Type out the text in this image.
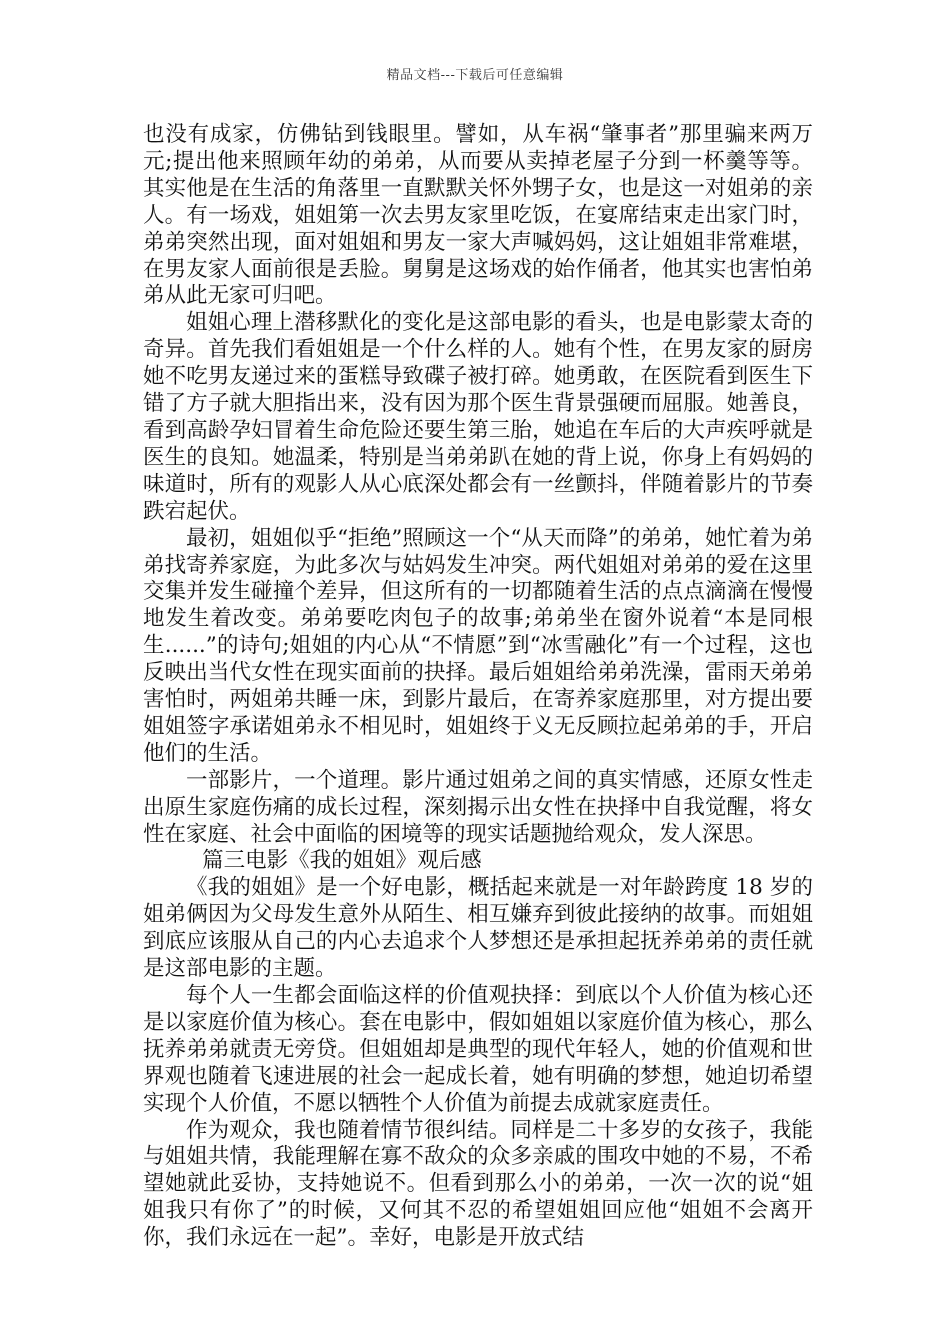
精品文档---下载后可任意编辑

也没有成家，仿佛钻到钱眼里。譬如，从车祸“肇事者”那里骗来两万元;提出他来照顾年幼的弟弟，从而要从卖掉老屋子分到一杯羹等等。其实他是在生活的角落里一直默默关怀外甥子女，也是这一对姐弟的亲人。有一场戏，姐姐第一次去男友家里吃饭，在宴席结束走出家门时，弟弟突然出现，面对姐姐和男友一家大声喊妈妈，这让姐姐非常难堪，在男友家人面前很是丢脸。舅舅是这场戏的始作俑者，他其实也害怕弟弟从此无家可归吧。

姐姐心理上潜移默化的变化是这部电影的看头，也是电影蒙太奇的奇异。首先我们看姐姐是一个什么样的人。她有个性，在男友家的厨房她不吃男友递过来的蛋糕导致碟子被打碎。她勇敢，在医院看到医生下错了方子就大胆指出来，没有因为那个医生背景强硬而屈服。她善良，看到高龄孕妇冒着生命危险还要生第三胎，她追在车后的大声疾呼就是医生的良知。她温柔，特别是当弟弟趴在她的背上说，你身上有妈妈的味道时，所有的观影人从心底深处都会有一丝颤抖，伴随着影片的节奏跌宕起伏。

最初，姐姐似乎“拒绝”照顾这一个“从天而降”的弟弟，她忙着为弟弟找寄养家庭，为此多次与姑妈发生冲突。两代姐姐对弟弟的爱在这里交集并发生碰撞个差异，但这所有的一切都随着生活的点点滴滴在慢慢地发生着改变。弟弟要吃肉包子的故事;弟弟坐在窗外说着“本是同根生......”的诗句;姐姐的内心从“不情愿”到“冰雪融化”有一个过程，这也反映出当代女性在现实面前的抉择。最后姐姐给弟弟洗澡，雷雨天弟弟害怕时，两姐弟共睡一床，到影片最后，在寄养家庭那里，对方提出要姐姐签字承诺姐弟永不相见时，姐姐终于义无反顾拉起弟弟的手，开启他们的生活。

一部影片，一个道理。影片通过姐弟之间的真实情感，还原女性走出原生家庭伤痛的成长过程，深刻揭示出女性在抉择中自我觉醒，将女性在家庭、社会中面临的困境等的现实话题抛给观众，发人深思。

篇三电影《我的姐姐》观后感

《我的姐姐》是一个好电影，概括起来就是一对年龄跨度 18 岁的姐弟俩因为父母发生意外从陌生、相互嫌弃到彼此接纳的故事。而姐姐到底应该服从自己的内心去追求个人梦想还是承担起抚养弟弟的责任就是这部电影的主题。

每个人一生都会面临这样的价值观抉择：到底以个人价值为核心还是以家庭价值为核心。套在电影中，假如姐姐以家庭价值为核心，那么抚养弟弟就责无旁贷。但姐姐却是典型的现代年轻人，她的价值观和世界观也随着飞速进展的社会一起成长着，她有明确的梦想，她迫切希望实现个人价值，不愿以牺牲个人价值为前提去成就家庭责任。

作为观众，我也随着情节很纠结。同样是二十多岁的女孩子，我能与姐姐共情，我能理解在寡不敌众的众多亲戚的围攻中她的不易，不希望她就此妥协，支持她说不。但看到那么小的弟弟，一次一次的说“姐姐我只有你了”的时候，又何其不忍的希望姐姐回应他“姐姐不会离开你，我们永远在一起”。幸好，电影是开放式结
